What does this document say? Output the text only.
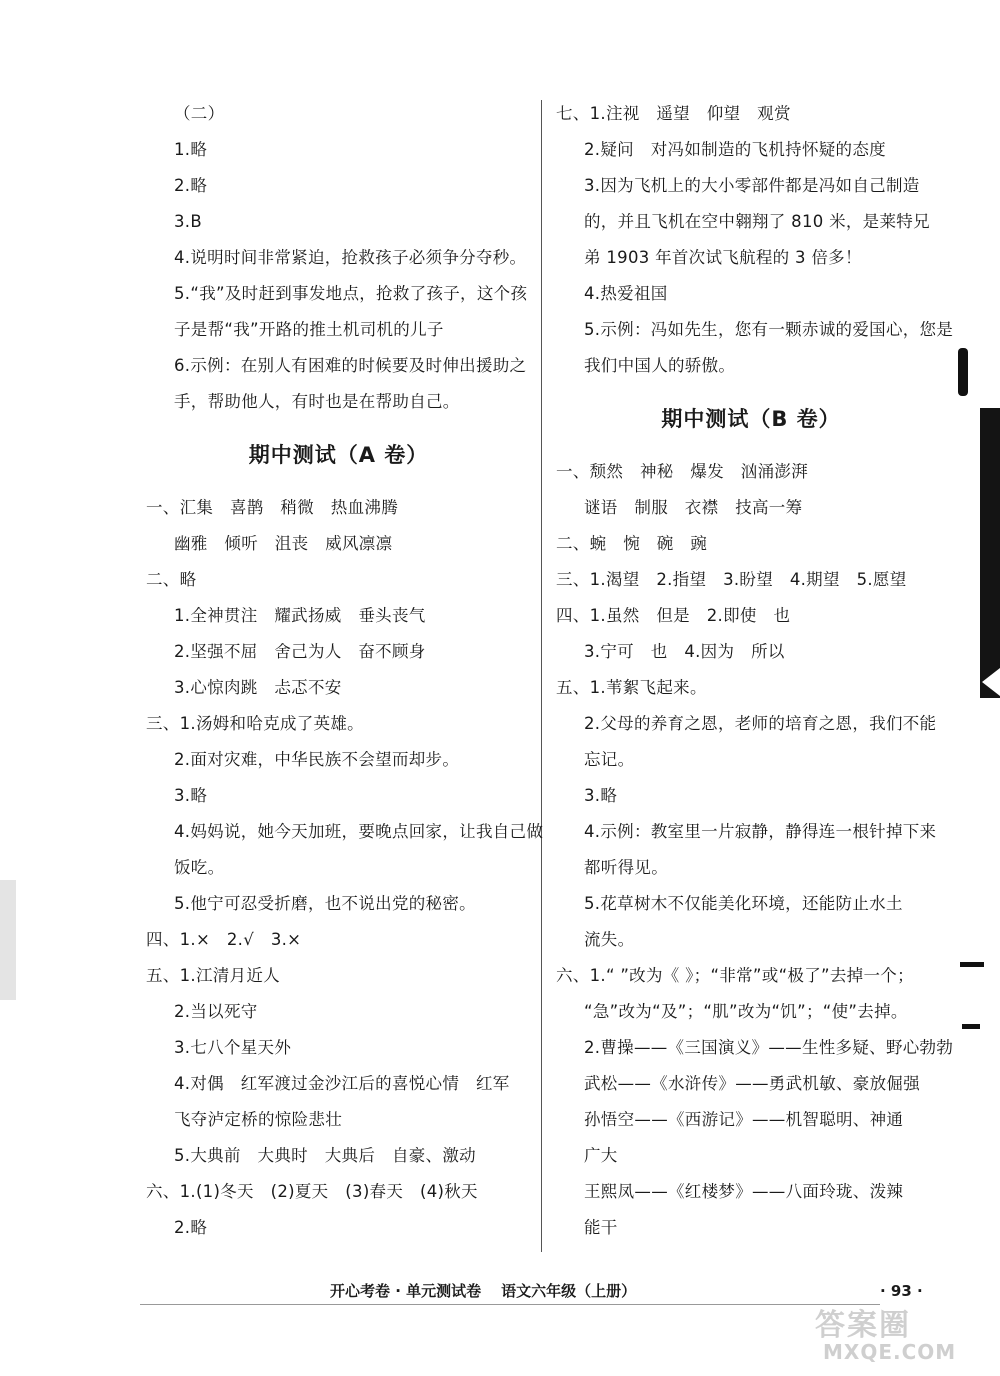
（二）
1.略
2.略
3.B
4.说明时间非常紧迫，抢救孩子必须争分夺秒。
5.“我”及时赶到事发地点，抢救了孩子，这个孩
子是帮“我”开路的推土机司机的儿子
6.示例：在别人有困难的时候要及时伸出援助之
手，帮助他人，有时也是在帮助自己。
期中测试（A 卷）
一、汇集　喜鹊　稍微　热血沸腾
幽雅　倾听　沮丧　威风凛凛
二、略
1.全神贯注　耀武扬威　垂头丧气
2.坚强不屈　舍己为人　奋不顾身
3.心惊肉跳　忐忑不安
三、1.汤姆和哈克成了英雄。
2.面对灾难，中华民族不会望而却步。
3.略
4.妈妈说，她今天加班，要晚点回家，让我自己做
饭吃。
5.他宁可忍受折磨，也不说出党的秘密。
四、1.×　2.√　3.×
五、1.江清月近人
2.当以死守
3.七八个星天外
4.对偶　红军渡过金沙江后的喜悦心情　红军
飞夺泸定桥的惊险悲壮
5.大典前　大典时　大典后　自豪、激动
六、1.(1)冬天　(2)夏天　(3)春天　(4)秋天
2.略
七、1.注视　遥望　仰望　观赏
2.疑问　对冯如制造的飞机持怀疑的态度
3.因为飞机上的大小零部件都是冯如自己制造
的，并且飞机在空中翱翔了 810 米，是莱特兄
弟 1903 年首次试飞航程的 3 倍多！
4.热爱祖国
5.示例：冯如先生，您有一颗赤诚的爱国心，您是
我们中国人的骄傲。
期中测试（B 卷）
一、颓然　神秘　爆发　汹涌澎湃
谜语　制服　衣襟　技高一筹
二、蜿　惋　碗　豌
三、1.渴望　2.指望　3.盼望　4.期望　5.愿望
四、1.虽然　但是　2.即使　也
3.宁可　也　4.因为　所以
五、1.苇絮飞起来。
2.父母的养育之恩，老师的培育之恩，我们不能
忘记。
3.略
4.示例：教室里一片寂静，静得连一根针掉下来
都听得见。
5.花草树木不仅能美化环境，还能防止水土
流失。
六、1.“ ”改为《 》；“非常”或“极了”去掉一个；
“急”改为“及”；“肌”改为“饥”；“使”去掉。
2.曹操——《三国演义》——生性多疑、野心勃勃
武松——《水浒传》——勇武机敏、豪放倔强
孙悟空——《西游记》——机智聪明、神通
广大
王熙凤——《红楼梦》——八面玲珑、泼辣
能干
开心考卷 · 单元测试卷 语文六年级（上册）	· 93 ·
答案圈
MXQE.COM
